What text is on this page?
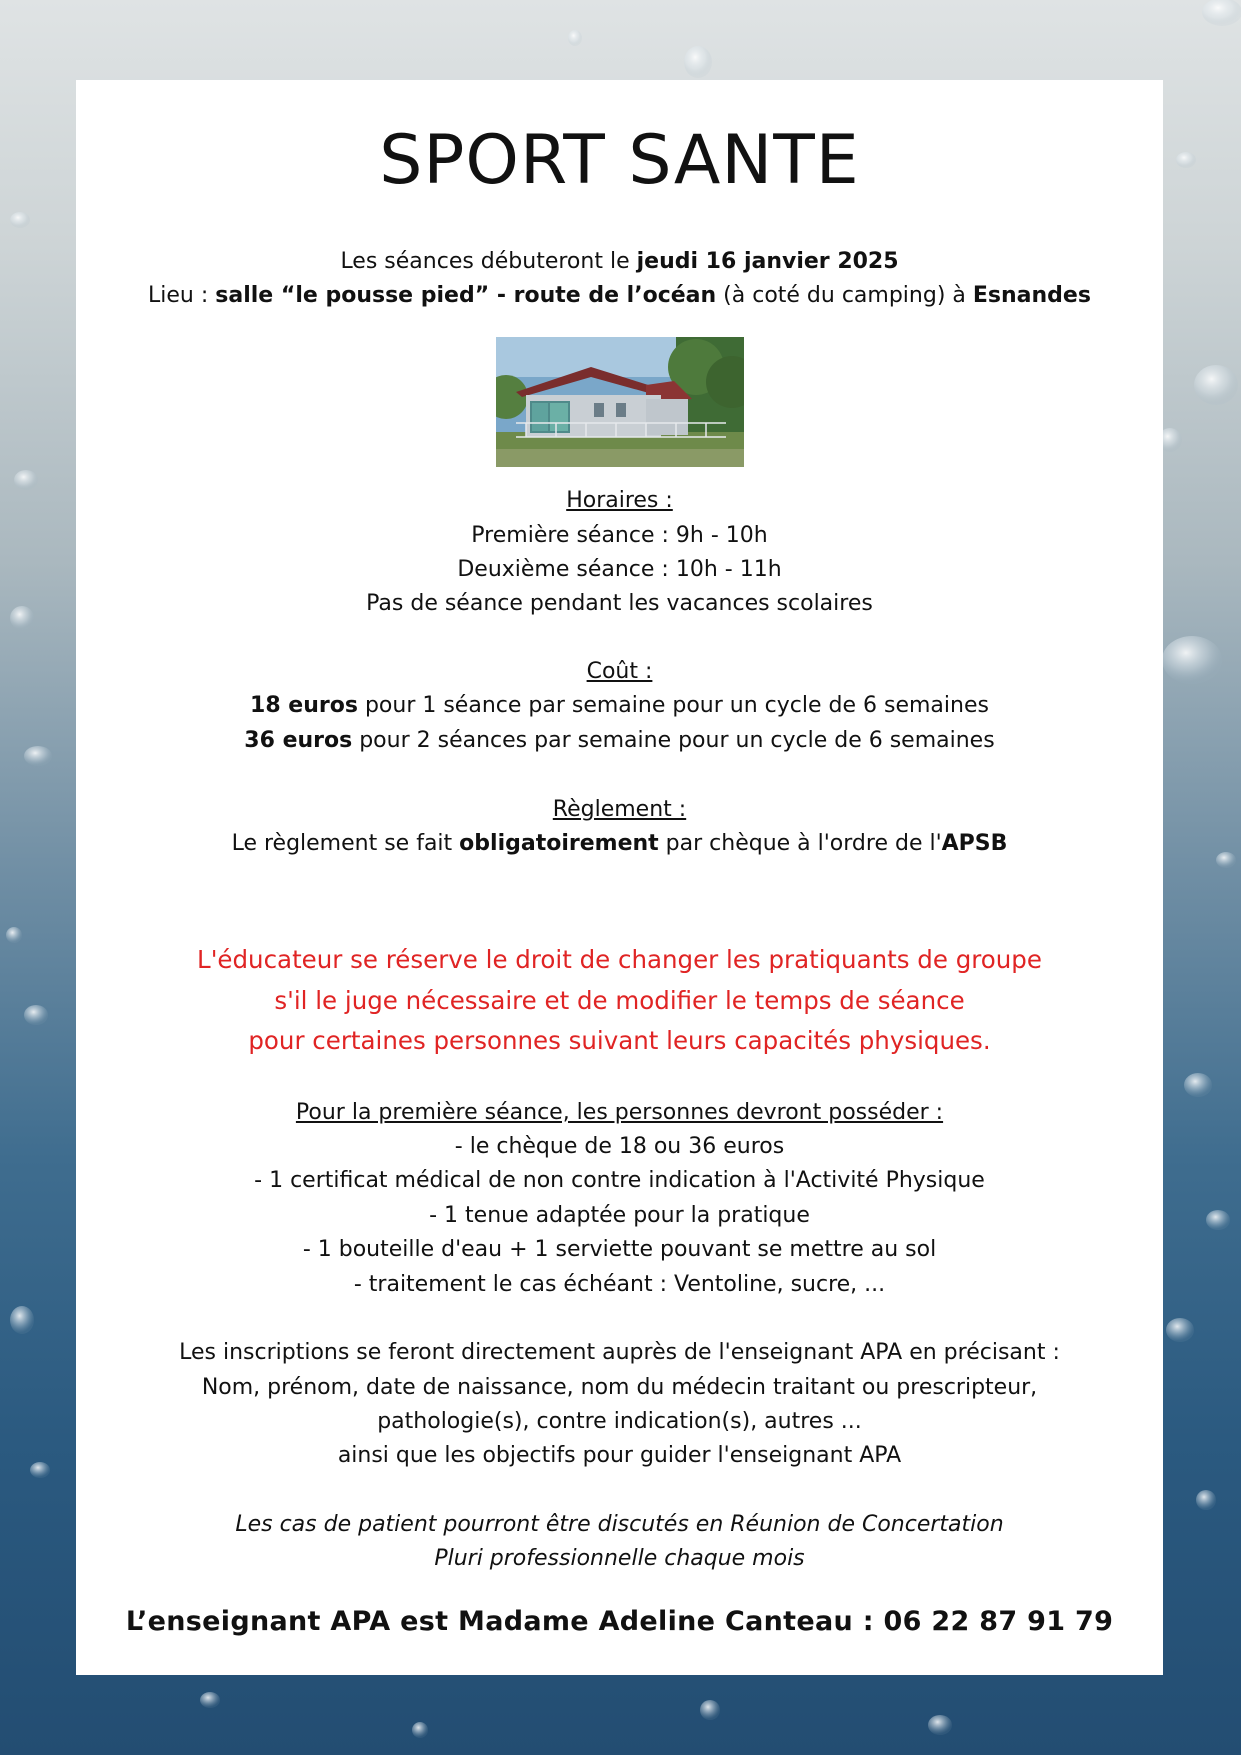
SPORT SANTE
Les séances débuteront le jeudi 16 janvier 2025
Lieu : salle “le pousse pied” - route de l’océan (à coté du camping) à Esnandes
Horaires :
Première séance : 9h - 10h
Deuxième séance : 10h - 11h
Pas de séance pendant les vacances scolaires
Coût :
18 euros pour 1 séance par semaine pour un cycle de 6 semaines
36 euros pour 2 séances par semaine pour un cycle de 6 semaines
Règlement :
Le règlement se fait obligatoirement par chèque à l'ordre de l'APSB
L'éducateur se réserve le droit de changer les pratiquants de groupe
s'il le juge nécessaire et de modifier le temps de séance
pour certaines personnes suivant leurs capacités physiques.
Pour la première séance, les personnes devront posséder :
- le chèque de 18 ou 36 euros
- 1 certificat médical de non contre indication à l'Activité Physique
- 1 tenue adaptée pour la pratique
- 1 bouteille d'eau + 1 serviette pouvant se mettre au sol
- traitement le cas échéant : Ventoline, sucre, ...
Les inscriptions se feront directement auprès de l'enseignant APA en précisant :
Nom, prénom, date de naissance, nom du médecin traitant ou prescripteur,
pathologie(s), contre indication(s), autres ...
ainsi que les objectifs pour guider l'enseignant APA
Les cas de patient pourront être discutés en Réunion de Concertation
Pluri professionnelle chaque mois
L’enseignant APA est Madame Adeline Canteau : 06 22 87 91 79
